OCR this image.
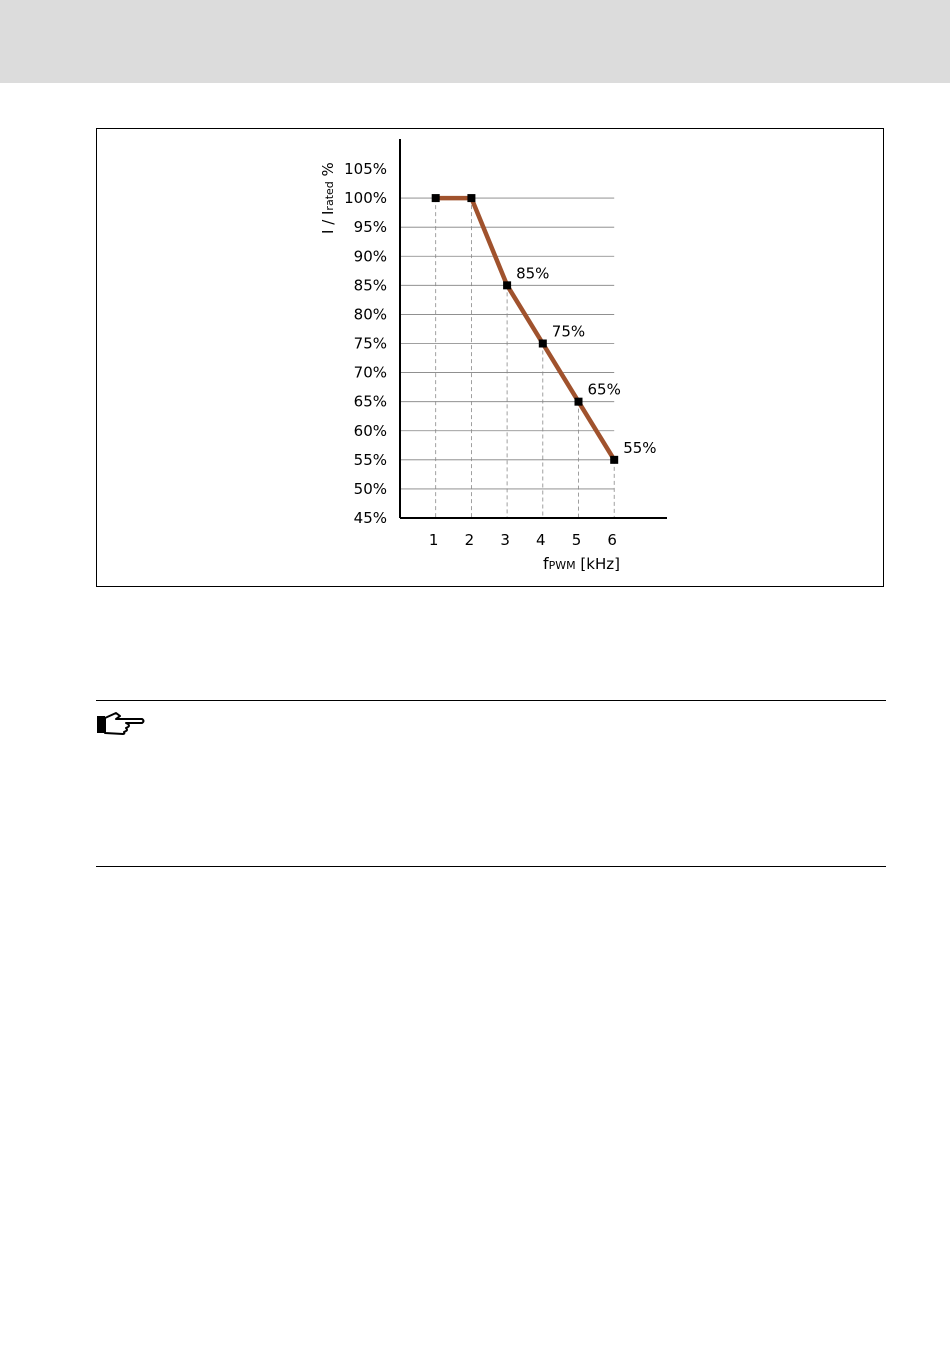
85%
75%
65%
55%
45%
50%
55%
60%
65%
70%
75%
80%
85%
90%
95%
100%
105%
1 2 3 4 5 6
fPWM [kHz]
I / Irated %
